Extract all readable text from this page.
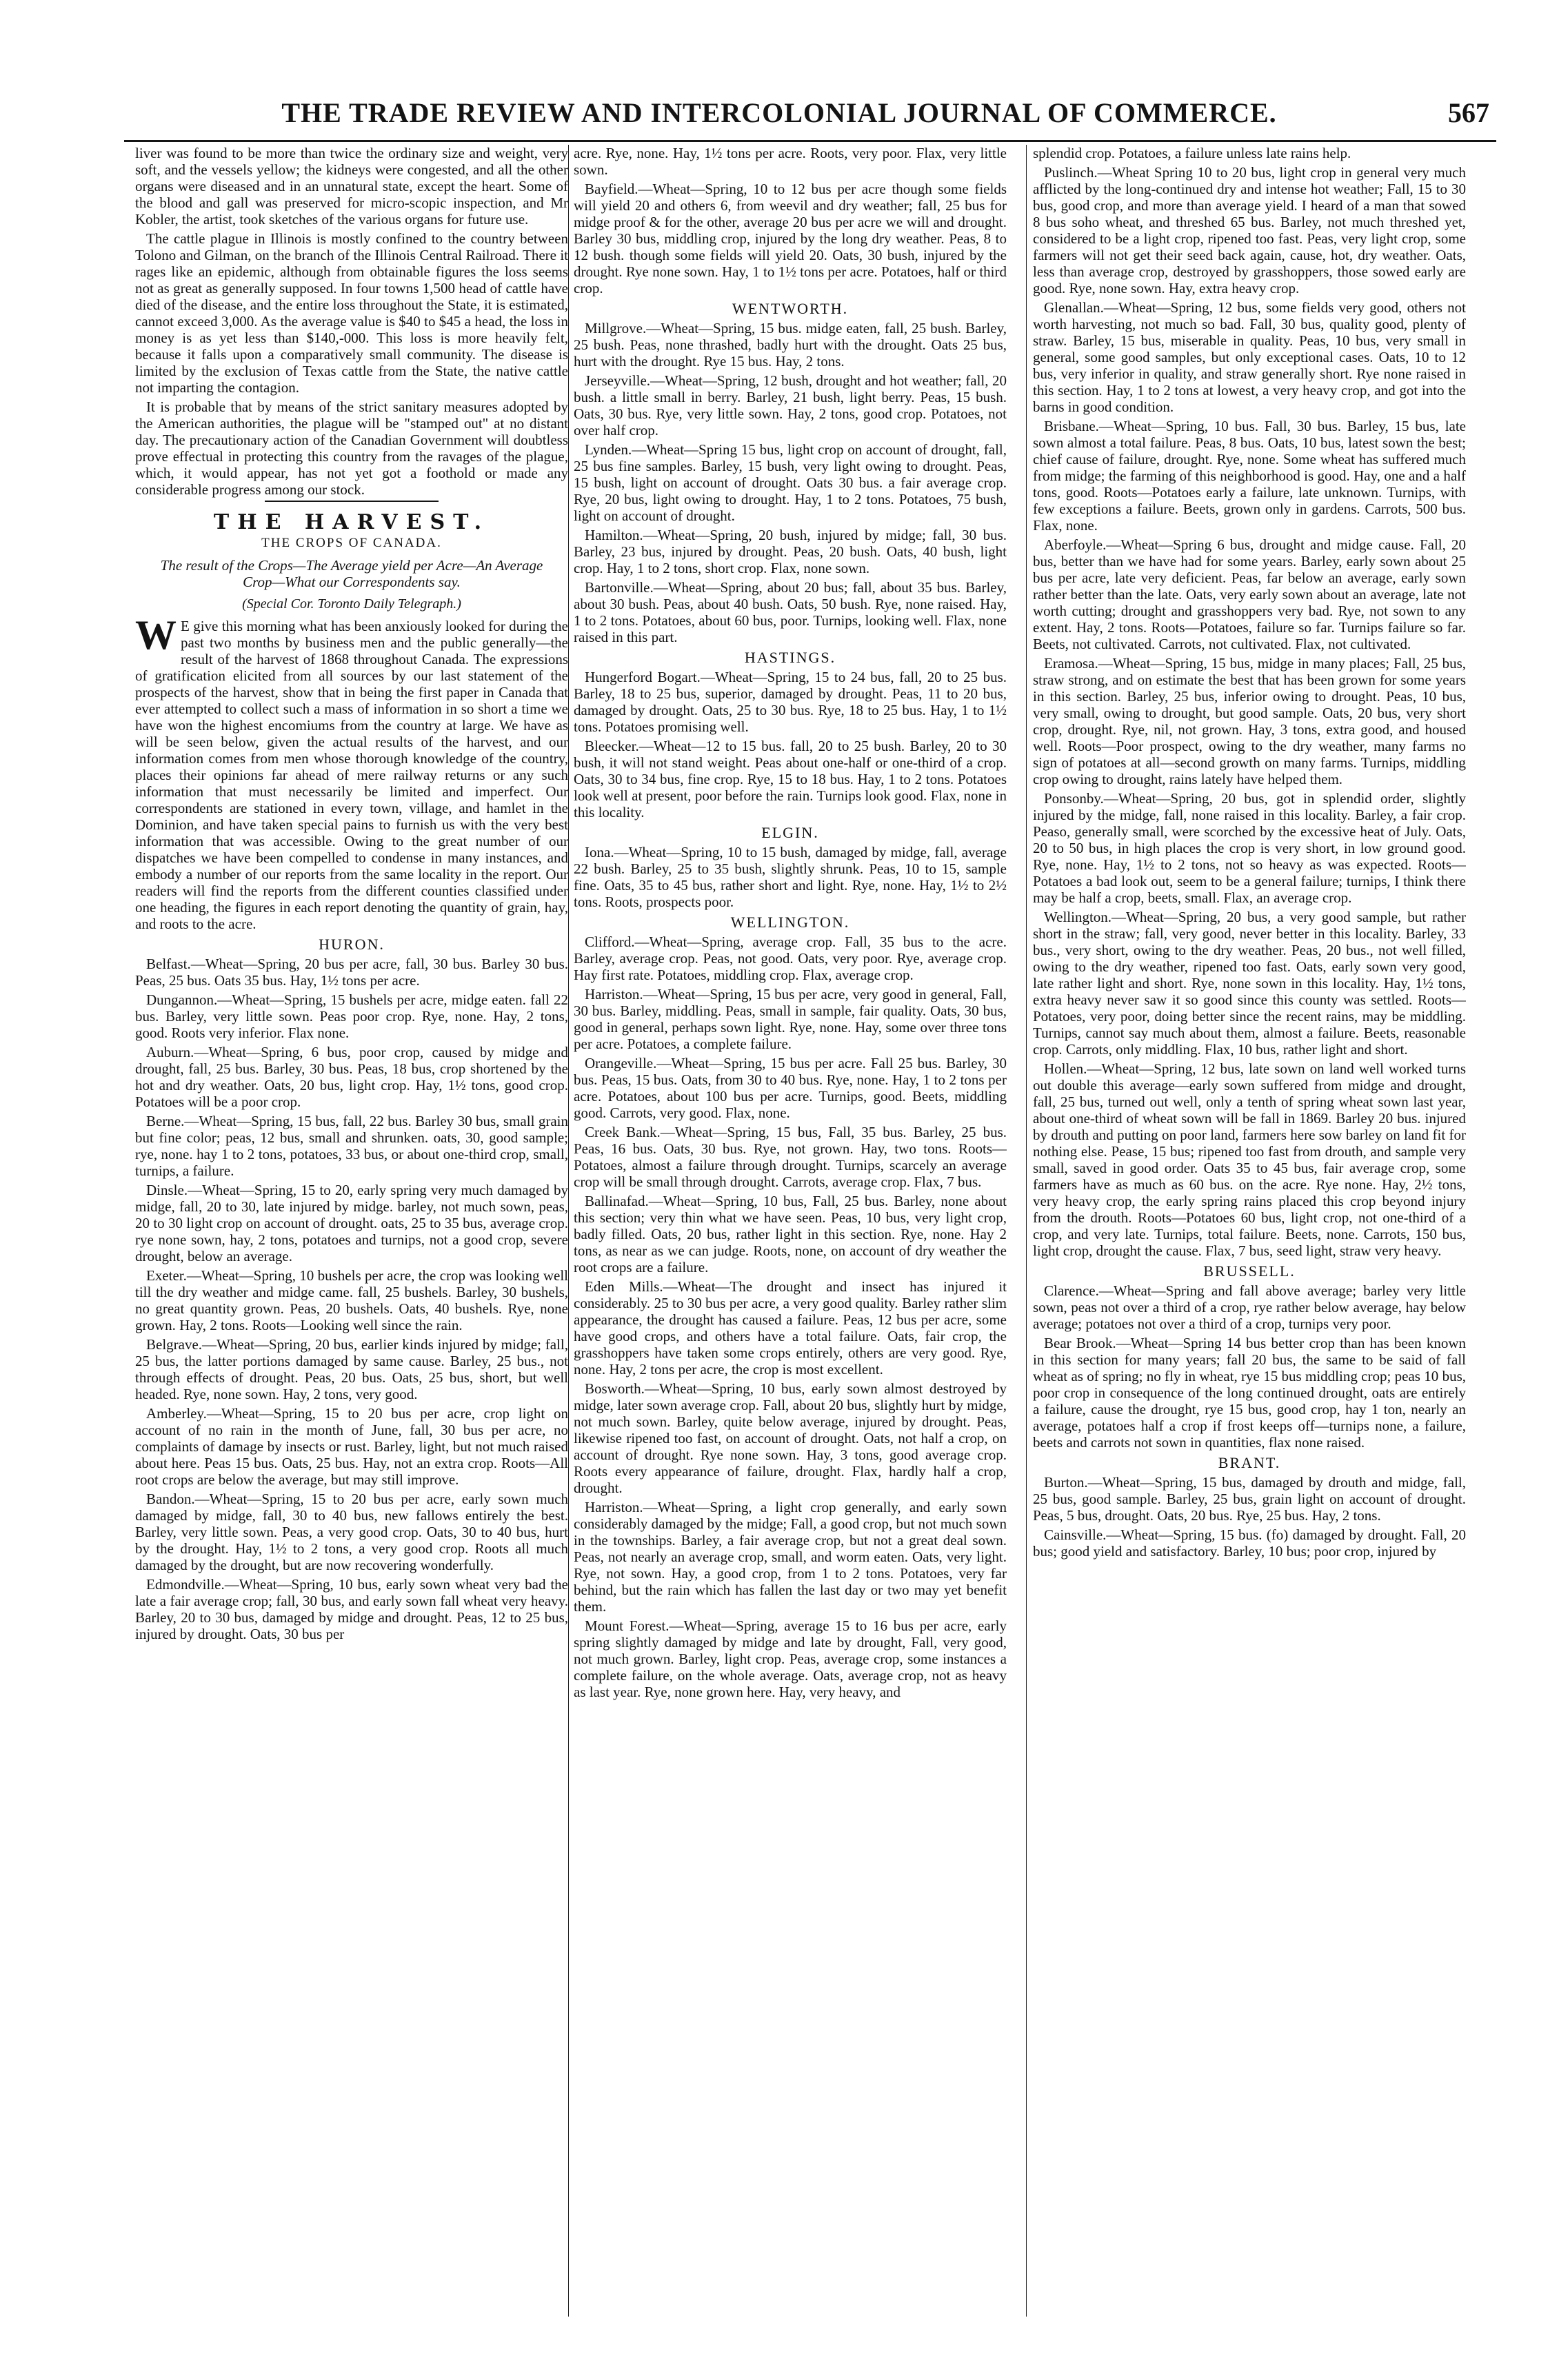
THE TRADE REVIEW AND INTERCOLONIAL JOURNAL OF COMMERCE.	567

liver was found to be more than twice the ordinary size and weight, very soft, and the vessels yellow; the kidneys were congested, and all the other organs were diseased and in an unnatural state, except the heart. Some of the blood and gall was preserved for micro-scopic inspection, and Mr Kobler, the artist, took sketches of the various organs for future use.

The cattle plague in Illinois is mostly confined to the country between Tolono and Gilman, on the branch of the Illinois Central Railroad. There it rages like an epidemic, although from obtainable figures the loss seems not as great as generally supposed. In four towns 1,500 head of cattle have died of the disease, and the entire loss throughout the State, it is estimated, cannot exceed 3,000. As the average value is $40 to $45 a head, the loss in money is as yet less than $140,-000. This loss is more heavily felt, because it falls upon a comparatively small community. The disease is limited by the exclusion of Texas cattle from the State, the native cattle not imparting the contagion.

It is probable that by means of the strict sanitary measures adopted by the American authorities, the plague will be "stamped out" at no distant day. The precautionary action of the Canadian Government will doubtless prove effectual in protecting this country from the ravages of the plague, which, it would appear, has not yet got a foothold or made any considerable progress among our stock.

THE HARVEST.
THE CROPS OF CANADA.
The result of the Crops—The Average yield per Acre—An Average Crop—What our Correspondents say.
(Special Cor. Toronto Daily Telegraph.)

W E give this morning what has been anxiously looked for during the past two months by business men and the public generally—the result of the harvest of 1868 throughout Canada. The expressions of gratification elicited from all sources by our last statement of the prospects of the harvest, show that in being the first paper in Canada that ever attempted to collect such a mass of information in so short a time we have won the highest encomiums from the country at large. We have as will be seen below, given the actual results of the harvest, and our information comes from men whose thorough knowledge of the country, places their opinions far ahead of mere railway returns or any such information that must necessarily be limited and imperfect. Our correspondents are stationed in every town, village, and hamlet in the Dominion, and have taken special pains to furnish us with the very best information that was accessible. Owing to the great number of our dispatches we have been compelled to condense in many instances, and embody a number of our reports from the same locality in the report. Our readers will find the reports from the different counties classified under one heading, the figures in each report denoting the quantity of grain, hay, and roots to the acre.

HURON.

Belfast.—Wheat—Spring, 20 bus per acre, fall, 30 bus. Barley 30 bus. Peas, 25 bus. Oats 35 bus. Hay, 1½ tons per acre.

Dungannon.—Wheat—Spring, 15 bushels per acre, midge eaten. fall 22 bus. Barley, very little sown. Peas poor crop. Rye, none. Hay, 2 tons, good. Roots very inferior. Flax none.

Auburn.—Wheat—Spring, 6 bus, poor crop, caused by midge and drought, fall, 25 bus. Barley, 30 bus. Peas, 18 bus, crop shortened by the hot and dry weather. Oats, 20 bus, light crop. Hay, 1½ tons, good crop. Potatoes will be a poor crop.

Berne.—Wheat—Spring, 15 bus, fall, 22 bus. Barley 30 bus, small grain but fine color; peas, 12 bus, small and shrunken. oats, 30, good sample; rye, none. hay 1 to 2 tons, potatoes, 33 bus, or about one-third crop, small, turnips, a failure.

Dinsle.—Wheat—Spring, 15 to 20, early spring very much damaged by midge, fall, 20 to 30, late injured by midge. barley, not much sown, peas, 20 to 30 light crop on account of drought. oats, 25 to 35 bus, average crop. rye none sown, hay, 2 tons, potatoes and turnips, not a good crop, severe drought, below an average.

Exeter.—Wheat—Spring, 10 bushels per acre, the crop was looking well till the dry weather and midge came. fall, 25 bushels. Barley, 30 bushels, no great quantity grown. Peas, 20 bushels. Oats, 40 bushels. Rye, none grown. Hay, 2 tons. Roots—Looking well since the rain.

Belgrave.—Wheat—Spring, 20 bus, earlier kinds injured by midge; fall, 25 bus, the latter portions damaged by same cause. Barley, 25 bus., not through effects of drought. Peas, 20 bus. Oats, 25 bus, short, but well headed. Rye, none sown. Hay, 2 tons, very good.

Amberley.—Wheat—Spring, 15 to 20 bus per acre, crop light on account of no rain in the month of June, fall, 30 bus per acre, no complaints of damage by insects or rust. Barley, light, but not much raised about here. Peas 15 bus. Oats, 25 bus. Hay, not an extra crop. Roots—All root crops are below the average, but may still improve.

Bandon.—Wheat—Spring, 15 to 20 bus per acre, early sown much damaged by midge, fall, 30 to 40 bus, new fallows entirely the best. Barley, very little sown. Peas, a very good crop. Oats, 30 to 40 bus, hurt by the drought. Hay, 1½ to 2 tons, a very good crop. Roots all much damaged by the drought, but are now recovering wonderfully.

Edmondville.—Wheat—Spring, 10 bus, early sown wheat very bad the late a fair average crop; fall, 30 bus, and early sown fall wheat very heavy. Barley, 20 to 30 bus, damaged by midge and drought. Peas, 12 to 25 bus, injured by drought. Oats, 30 bus per

acre. Rye, none. Hay, 1½ tons per acre. Roots, very poor. Flax, very little sown.

Bayfield.—Wheat—Spring, 10 to 12 bus per acre though some fields will yield 20 and others 6, from weevil and dry weather; fall, 25 bus for midge proof & for the other, average 20 bus per acre we will and drought. Barley 30 bus, middling crop, injured by the long dry weather. Peas, 8 to 12 bush. though some fields will yield 20. Oats, 30 bush, injured by the drought. Rye none sown. Hay, 1 to 1½ tons per acre. Potatoes, half or third crop.

WENTWORTH.

Millgrove.—Wheat—Spring, 15 bus. midge eaten, fall, 25 bush. Barley, 25 bush. Peas, none thrashed, badly hurt with the drought. Oats 25 bus, hurt with the drought. Rye 15 bus. Hay, 2 tons.

Jerseyville.—Wheat—Spring, 12 bush, drought and hot weather; fall, 20 bush. a little small in berry. Barley, 21 bush, light berry. Peas, 15 bush. Oats, 30 bus. Rye, very little sown. Hay, 2 tons, good crop. Potatoes, not over half crop.

Lynden.—Wheat—Spring 15 bus, light crop on account of drought, fall, 25 bus fine samples. Barley, 15 bush, very light owing to drought. Peas, 15 bush, light on account of drought. Oats 30 bus. a fair average crop. Rye, 20 bus, light owing to drought. Hay, 1 to 2 tons. Potatoes, 75 bush, light on account of drought.

Hamilton.—Wheat—Spring, 20 bush, injured by midge; fall, 30 bus. Barley, 23 bus, injured by drought. Peas, 20 bush. Oats, 40 bush, light crop. Hay, 1 to 2 tons, short crop. Flax, none sown.

Bartonville.—Wheat—Spring, about 20 bus; fall, about 35 bus. Barley, about 30 bush. Peas, about 40 bush. Oats, 50 bush. Rye, none raised. Hay, 1 to 2 tons. Potatoes, about 60 bus, poor. Turnips, looking well. Flax, none raised in this part.

HASTINGS.

Hungerford Bogart.—Wheat—Spring, 15 to 24 bus, fall, 20 to 25 bus. Barley, 18 to 25 bus, superior, damaged by drought. Peas, 11 to 20 bus, damaged by drought. Oats, 25 to 30 bus. Rye, 18 to 25 bus. Hay, 1 to 1½ tons. Potatoes promising well.

Bleecker.—Wheat—12 to 15 bus. fall, 20 to 25 bush. Barley, 20 to 30 bush, it will not stand weight. Peas about one-half or one-third of a crop. Oats, 30 to 34 bus, fine crop. Rye, 15 to 18 bus. Hay, 1 to 2 tons. Potatoes look well at present, poor before the rain. Turnips look good. Flax, none in this locality.

ELGIN.

Iona.—Wheat—Spring, 10 to 15 bush, damaged by midge, fall, average 22 bush. Barley, 25 to 35 bush, slightly shrunk. Peas, 10 to 15, sample fine. Oats, 35 to 45 bus, rather short and light. Rye, none. Hay, 1½ to 2½ tons. Roots, prospects poor.

WELLINGTON.

Clifford.—Wheat—Spring, average crop. Fall, 35 bus to the acre. Barley, average crop. Peas, not good. Oats, very poor. Rye, average crop. Hay first rate. Potatoes, middling crop. Flax, average crop.

Harriston.—Wheat—Spring, 15 bus per acre, very good in general, Fall, 30 bus. Barley, middling. Peas, small in sample, fair quality. Oats, 30 bus, good in general, perhaps sown light. Rye, none. Hay, some over three tons per acre. Potatoes, a complete failure.

Orangeville.—Wheat—Spring, 15 bus per acre. Fall 25 bus. Barley, 30 bus. Peas, 15 bus. Oats, from 30 to 40 bus. Rye, none. Hay, 1 to 2 tons per acre. Potatoes, about 100 bus per acre. Turnips, good. Beets, middling good. Carrots, very good. Flax, none.

Creek Bank.—Wheat—Spring, 15 bus, Fall, 35 bus. Barley, 25 bus. Peas, 16 bus. Oats, 30 bus. Rye, not grown. Hay, two tons. Roots—Potatoes, almost a failure through drought. Turnips, scarcely an average crop will be small through drought. Carrots, average crop. Flax, 7 bus.

Ballinafad.—Wheat—Spring, 10 bus, Fall, 25 bus. Barley, none about this section; very thin what we have seen. Peas, 10 bus, very light crop, badly filled. Oats, 20 bus, rather light in this section. Rye, none. Hay 2 tons, as near as we can judge. Roots, none, on account of dry weather the root crops are a failure.

Eden Mills.—Wheat—The drought and insect has injured it considerably. 25 to 30 bus per acre, a very good quality. Barley rather slim appearance, the drought has caused a failure. Peas, 12 bus per acre, some have good crops, and others have a total failure. Oats, fair crop, the grasshoppers have taken some crops entirely, others are very good. Rye, none. Hay, 2 tons per acre, the crop is most excellent.

Bosworth.—Wheat—Spring, 10 bus, early sown almost destroyed by midge, later sown average crop. Fall, about 20 bus, slightly hurt by midge, not much sown. Barley, quite below average, injured by drought. Peas, likewise ripened too fast, on account of drought. Oats, not half a crop, on account of drought. Rye none sown. Hay, 3 tons, good average crop. Roots every appearance of failure, drought. Flax, hardly half a crop, drought.

Harriston.—Wheat—Spring, a light crop generally, and early sown considerably damaged by the midge; Fall, a good crop, but not much sown in the townships. Barley, a fair average crop, but not a great deal sown. Peas, not nearly an average crop, small, and worm eaten. Oats, very light. Rye, not sown. Hay, a good crop, from 1 to 2 tons. Potatoes, very far behind, but the rain which has fallen the last day or two may yet benefit them.

Mount Forest.—Wheat—Spring, average 15 to 16 bus per acre, early spring slightly damaged by midge and late by drought, Fall, very good, not much grown. Barley, light crop. Peas, average crop, some instances a complete failure, on the whole average. Oats, average crop, not as heavy as last year. Rye, none grown here. Hay, very heavy, and

splendid crop. Potatoes, a failure unless late rains help.

Puslinch.—Wheat Spring 10 to 20 bus, light crop in general very much afflicted by the long-continued dry and intense hot weather; Fall, 15 to 30 bus, good crop, and more than average yield. I heard of a man that sowed 8 bus soho wheat, and threshed 65 bus. Barley, not much threshed yet, considered to be a light crop, ripened too fast. Peas, very light crop, some farmers will not get their seed back again, cause, hot, dry weather. Oats, less than average crop, destroyed by grasshoppers, those sowed early are good. Rye, none sown. Hay, extra heavy crop.

Glenallan.—Wheat—Spring, 12 bus, some fields very good, others not worth harvesting, not much so bad. Fall, 30 bus, quality good, plenty of straw. Barley, 15 bus, miserable in quality. Peas, 10 bus, very small in general, some good samples, but only exceptional cases. Oats, 10 to 12 bus, very inferior in quality, and straw generally short. Rye none raised in this section. Hay, 1 to 2 tons at lowest, a very heavy crop, and got into the barns in good condition.

Brisbane.—Wheat—Spring, 10 bus. Fall, 30 bus. Barley, 15 bus, late sown almost a total failure. Peas, 8 bus. Oats, 10 bus, latest sown the best; chief cause of failure, drought. Rye, none. Some wheat has suffered much from midge; the farming of this neighborhood is good. Hay, one and a half tons, good. Roots—Potatoes early a failure, late unknown. Turnips, with few exceptions a failure. Beets, grown only in gardens. Carrots, 500 bus. Flax, none.

Aberfoyle.—Wheat—Spring 6 bus, drought and midge cause. Fall, 20 bus, better than we have had for some years. Barley, early sown about 25 bus per acre, late very deficient. Peas, far below an average, early sown rather better than the late. Oats, very early sown about an average, late not worth cutting; drought and grasshoppers very bad. Rye, not sown to any extent. Hay, 2 tons. Roots—Potatoes, failure so far. Turnips failure so far. Beets, not cultivated. Carrots, not cultivated. Flax, not cultivated.

Eramosa.—Wheat—Spring, 15 bus, midge in many places; Fall, 25 bus, straw strong, and on estimate the best that has been grown for some years in this section. Barley, 25 bus, inferior owing to drought. Peas, 10 bus, very small, owing to drought, but good sample. Oats, 20 bus, very short crop, drought. Rye, nil, not grown. Hay, 3 tons, extra good, and housed well. Roots—Poor prospect, owing to the dry weather, many farms no sign of potatoes at all—second growth on many farms. Turnips, middling crop owing to drought, rains lately have helped them.

Ponsonby.—Wheat—Spring, 20 bus, got in splendid order, slightly injured by the midge, fall, none raised in this locality. Barley, a fair crop. Peaso, generally small, were scorched by the excessive heat of July. Oats, 20 to 50 bus, in high places the crop is very short, in low ground good. Rye, none. Hay, 1½ to 2 tons, not so heavy as was expected. Roots—Potatoes a bad look out, seem to be a general failure; turnips, I think there may be half a crop, beets, small. Flax, an average crop.

Wellington.—Wheat—Spring, 20 bus, a very good sample, but rather short in the straw; fall, very good, never better in this locality. Barley, 33 bus., very short, owing to the dry weather. Peas, 20 bus., not well filled, owing to the dry weather, ripened too fast. Oats, early sown very good, late rather light and short. Rye, none sown in this locality. Hay, 1½ tons, extra heavy never saw it so good since this county was settled. Roots—Potatoes, very poor, doing better since the recent rains, may be middling. Turnips, cannot say much about them, almost a failure. Beets, reasonable crop. Carrots, only middling. Flax, 10 bus, rather light and short.

Hollen.—Wheat—Spring, 12 bus, late sown on land well worked turns out double this average—early sown suffered from midge and drought, fall, 25 bus, turned out well, only a tenth of spring wheat sown last year, about one-third of wheat sown will be fall in 1869. Barley 20 bus. injured by drouth and putting on poor land, farmers here sow barley on land fit for nothing else. Pease, 15 bus; ripened too fast from drouth, and sample very small, saved in good order. Oats 35 to 45 bus, fair average crop, some farmers have as much as 60 bus. on the acre. Rye none. Hay, 2½ tons, very heavy crop, the early spring rains placed this crop beyond injury from the drouth. Roots—Potatoes 60 bus, light crop, not one-third of a crop, and very late. Turnips, total failure. Beets, none. Carrots, 150 bus, light crop, drought the cause. Flax, 7 bus, seed light, straw very heavy.

BRUSSELL.

Clarence.—Wheat—Spring and fall above average; barley very little sown, peas not over a third of a crop, rye rather below average, hay below average; potatoes not over a third of a crop, turnips very poor.

Bear Brook.—Wheat—Spring 14 bus better crop than has been known in this section for many years; fall 20 bus, the same to be said of fall wheat as of spring; no fly in wheat, rye 15 bus middling crop; peas 10 bus, poor crop in consequence of the long continued drought, oats are entirely a failure, cause the drought, rye 15 bus, good crop, hay 1 ton, nearly an average, potatoes half a crop if frost keeps off—turnips none, a failure, beets and carrots not sown in quantities, flax none raised.

BRANT.

Burton.—Wheat—Spring, 15 bus, damaged by drouth and midge, fall, 25 bus, good sample. Barley, 25 bus, grain light on account of drought. Peas, 5 bus, drought. Oats, 20 bus. Rye, 25 bus. Hay, 2 tons.

Cainsville.—Wheat—Spring, 15 bus. (fo) damaged by drought. Fall, 20 bus; good yield and satisfactory. Barley, 10 bus; poor crop, injured by
